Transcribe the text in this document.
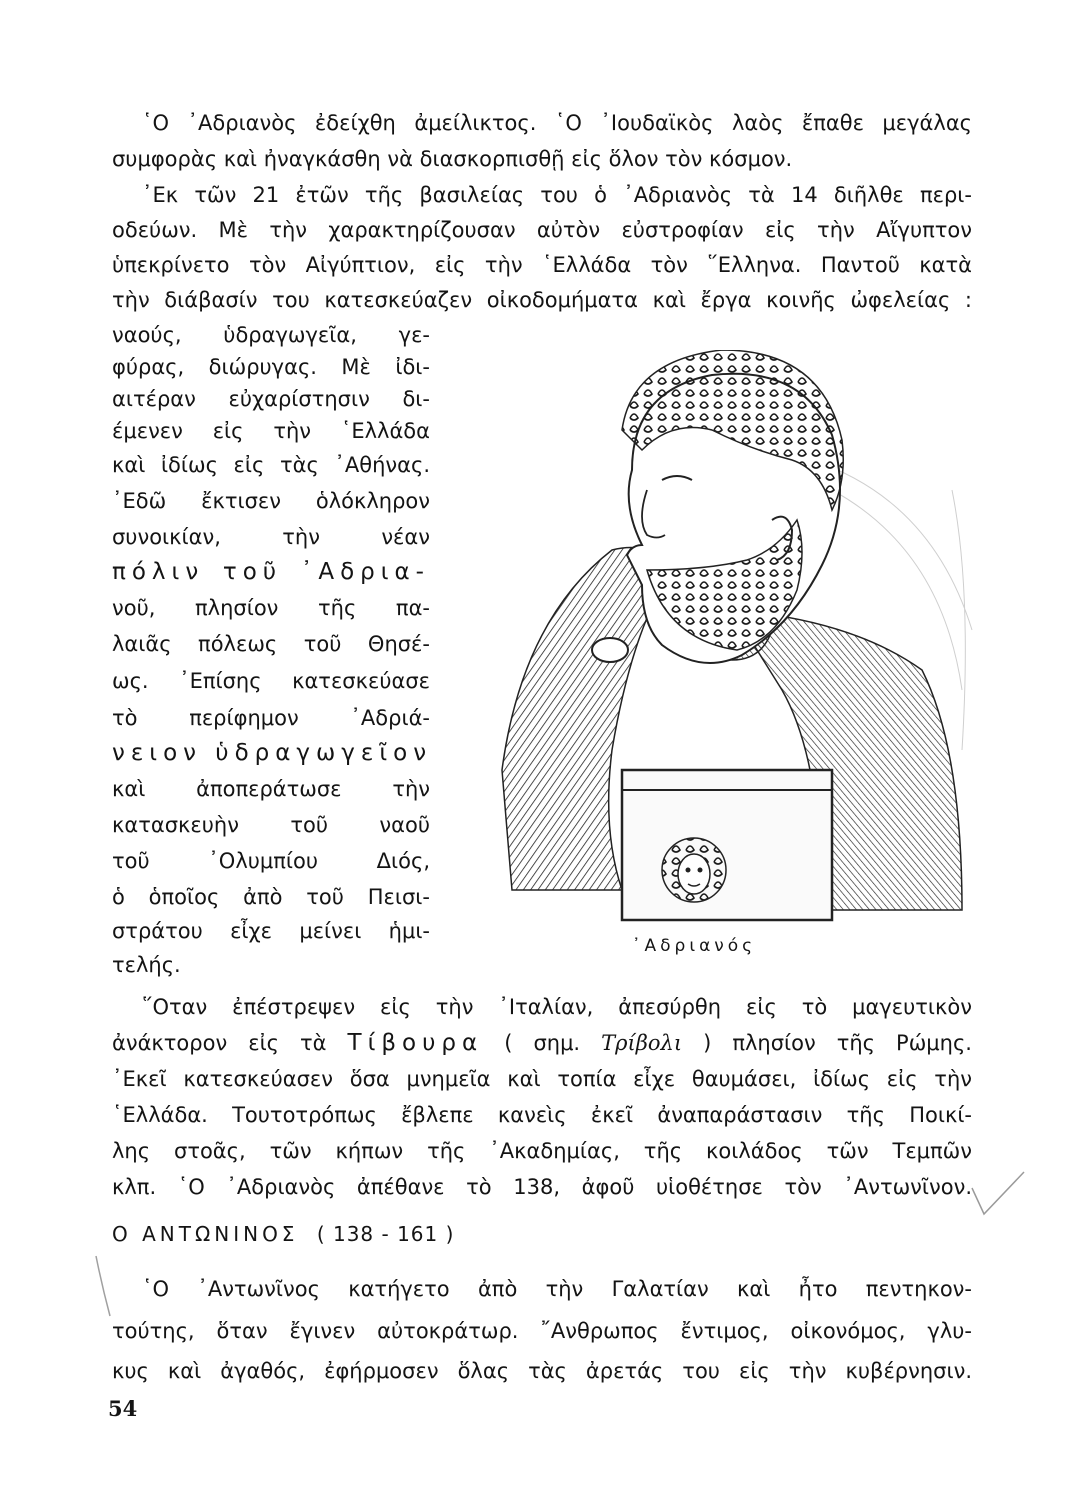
῾Ο ᾿Αδριανὸς ἐδείχθη ἀμείλικτος. ῾Ο ᾿Ιουδαϊκὸς λαὸς ἔπαθε μεγάλας
συμφορὰς καὶ ἠναγκάσθη νὰ διασκορπισθῇ εἰς ὅλον τὸν κόσμον.
᾿Εκ τῶν 21 ἐτῶν τῆς βασιλείας του ὁ ᾿Αδριανὸς τὰ 14 διῆλθε περι-
οδεύων. Μὲ τὴν χαρακτηρίζουσαν αὐτὸν εὐστροφίαν εἰς τὴν Αἴγυπτον
ὑπεκρίνετο τὸν Αἰγύπτιον, εἰς τὴν ῾Ελλάδα τὸν ῞Ελληνα. Παντοῦ κατὰ
τὴν διάβασίν του κατεσκεύαζεν οἰκοδομήματα καὶ ἔργα κοινῆς ὠφελείας :
ναούς, ὑδραγωγεῖα, γε-
φύρας, διώρυγας. Μὲ ἰδι-
αιτέραν εὐχαρίστησιν δι-
έμενεν εἰς τὴν ῾Ελλάδα
καὶ ἰδίως εἰς τὰς ᾿Αθήνας.
᾿Εδῶ ἔκτισεν ὁλόκληρον
συνοικίαν, τὴν νέαν
πόλιν τοῦ ᾿Αδρια-
νοῦ, πλησίον τῆς πα-
λαιᾶς πόλεως τοῦ Θησέ-
ως. ᾿Επίσης κατεσκεύασε
τὸ περίφημον ᾿Αδριά-
νειον ὑδραγωγεῖον
καὶ ἀποπεράτωσε τὴν
κατασκευὴν τοῦ ναοῦ
τοῦ ᾿Ολυμπίου Διός,
ὁ ὁποῖος ἀπὸ τοῦ Πεισι-
στράτου εἶχε μείνει ἡμι-
τελής.
᾿Αδριανός
῞Οταν ἐπέστρεψεν εἰς τὴν ᾿Ιταλίαν, ἀπεσύρθη εἰς τὸ μαγευτικὸν
ἀνάκτορον εἰς τὰ Τίβουρα ( σημ. Τρίβολι ) πλησίον τῆς Ρώμης.
᾿Εκεῖ κατεσκεύασεν ὅσα μνημεῖα καὶ τοπία εἶχε θαυμάσει, ἰδίως εἰς τὴν
῾Ελλάδα. Τουτοτρόπως ἔβλεπε κανεὶς ἐκεῖ ἀναπαράστασιν τῆς Ποικί-
λης στοᾶς, τῶν κήπων τῆς ᾿Ακαδημίας, τῆς κοιλάδος τῶν Τεμπῶν
κλπ. ῾Ο ᾿Αδριανὸς ἀπέθανε τὸ 138, ἀφοῦ υἱοθέτησε τὸν ᾿Αντωνῖνον.
Ο ΑΝΤΩΝΙΝΟΣ ( 138 - 161 )
῾Ο ᾿Αντωνῖνος κατήγετο ἀπὸ τὴν Γαλατίαν καὶ ἦτο πεντηκον-
τούτης, ὅταν ἔγινεν αὐτοκράτωρ. ῎Ανθρωπος ἔντιμος, οἰκονόμος, γλυ-
κυς καὶ ἀγαθός, ἐφήρμοσεν ὅλας τὰς ἀρετάς του εἰς τὴν κυβέρνησιν.
54
